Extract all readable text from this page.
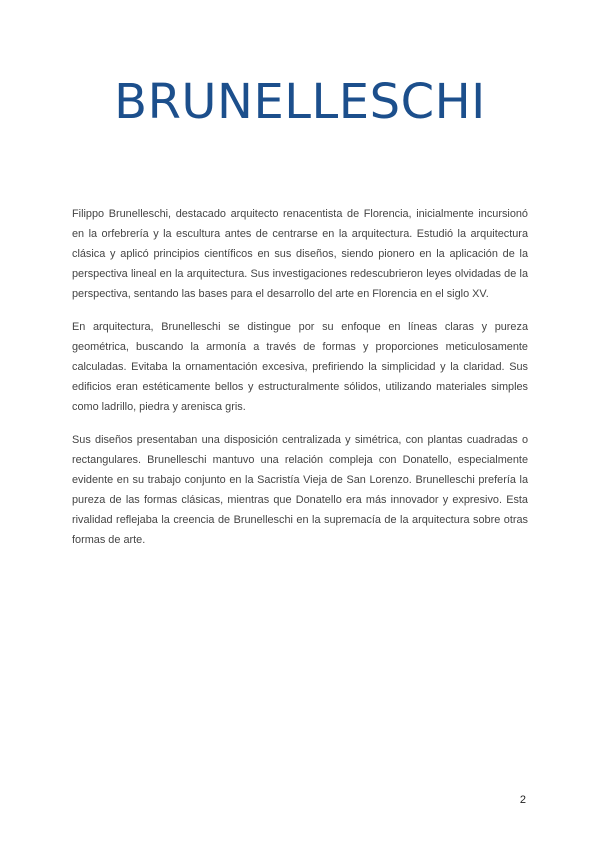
BRUNELLESCHI

Filippo Brunelleschi, destacado arquitecto renacentista de Florencia, inicialmente incursionó en la orfebrería y la escultura antes de centrarse en la arquitectura. Estudió la arquitectura clásica y aplicó principios científicos en sus diseños, siendo pionero en la aplicación de la perspectiva lineal en la arquitectura. Sus investigaciones redescubrieron leyes olvidadas de la perspectiva, sentando las bases para el desarrollo del arte en Florencia en el siglo XV.

En arquitectura, Brunelleschi se distingue por su enfoque en líneas claras y pureza geométrica, buscando la armonía a través de formas y proporciones meticulosamente calculadas. Evitaba la ornamentación excesiva, prefiriendo la simplicidad y la claridad. Sus edificios eran estéticamente bellos y estructuralmente sólidos, utilizando materiales simples como ladrillo, piedra y arenisca gris.

Sus diseños presentaban una disposición centralizada y simétrica, con plantas cuadradas o rectangulares. Brunelleschi mantuvo una relación compleja con Donatello, especialmente evidente en su trabajo conjunto en la Sacristía Vieja de San Lorenzo. Brunelleschi prefería la pureza de las formas clásicas, mientras que Donatello era más innovador y expresivo. Esta rivalidad reflejaba la creencia de Brunelleschi en la supremacía de la arquitectura sobre otras formas de arte.

2
